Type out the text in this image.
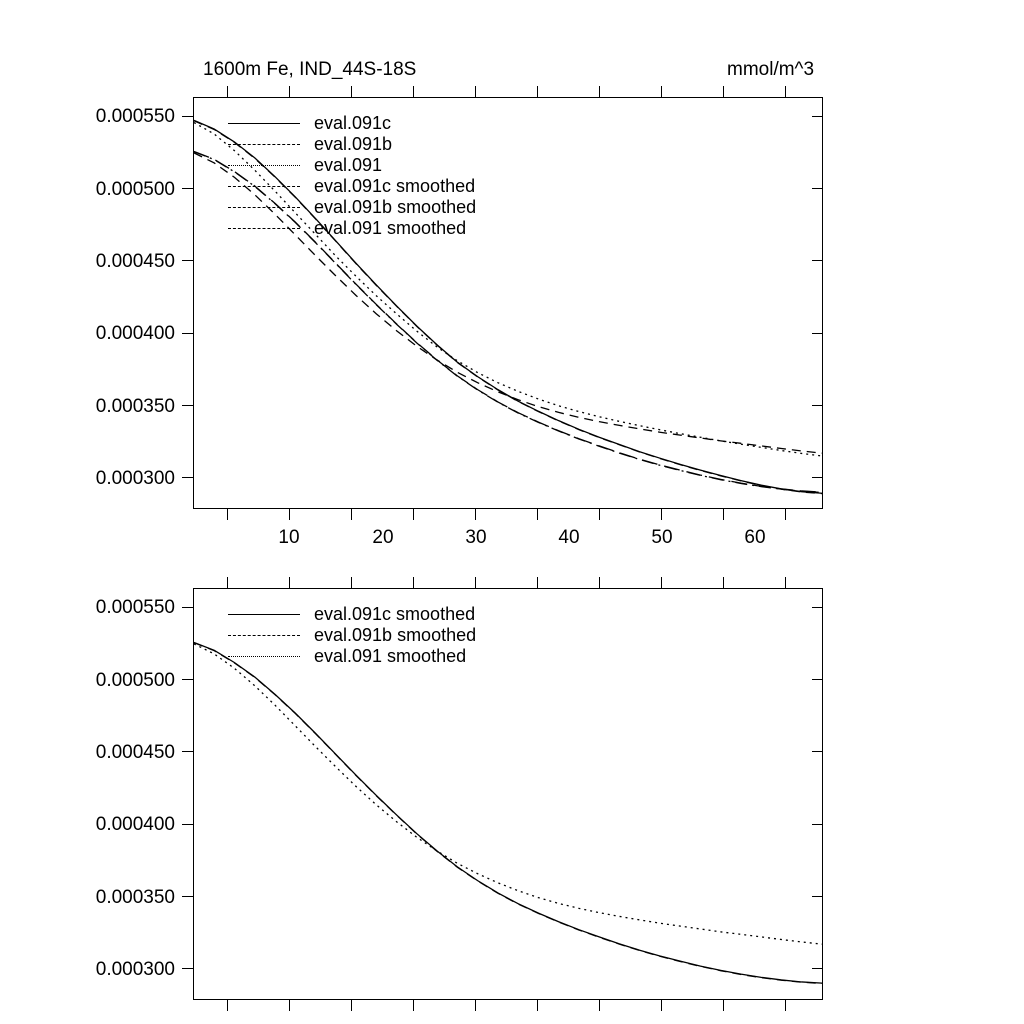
1600m Fe, IND_44S-18S	mmol/m^3
0.000550
0.000500
0.000450
0.000400
0.000350
0.000300
10	20	30	40	50	60
eval.091c
eval.091b
eval.091
eval.091c smoothed
eval.091b smoothed
eval.091 smoothed
0.000550
0.000500
0.000450
0.000400
0.000350
0.000300
eval.091c smoothed
eval.091b smoothed
eval.091 smoothed
